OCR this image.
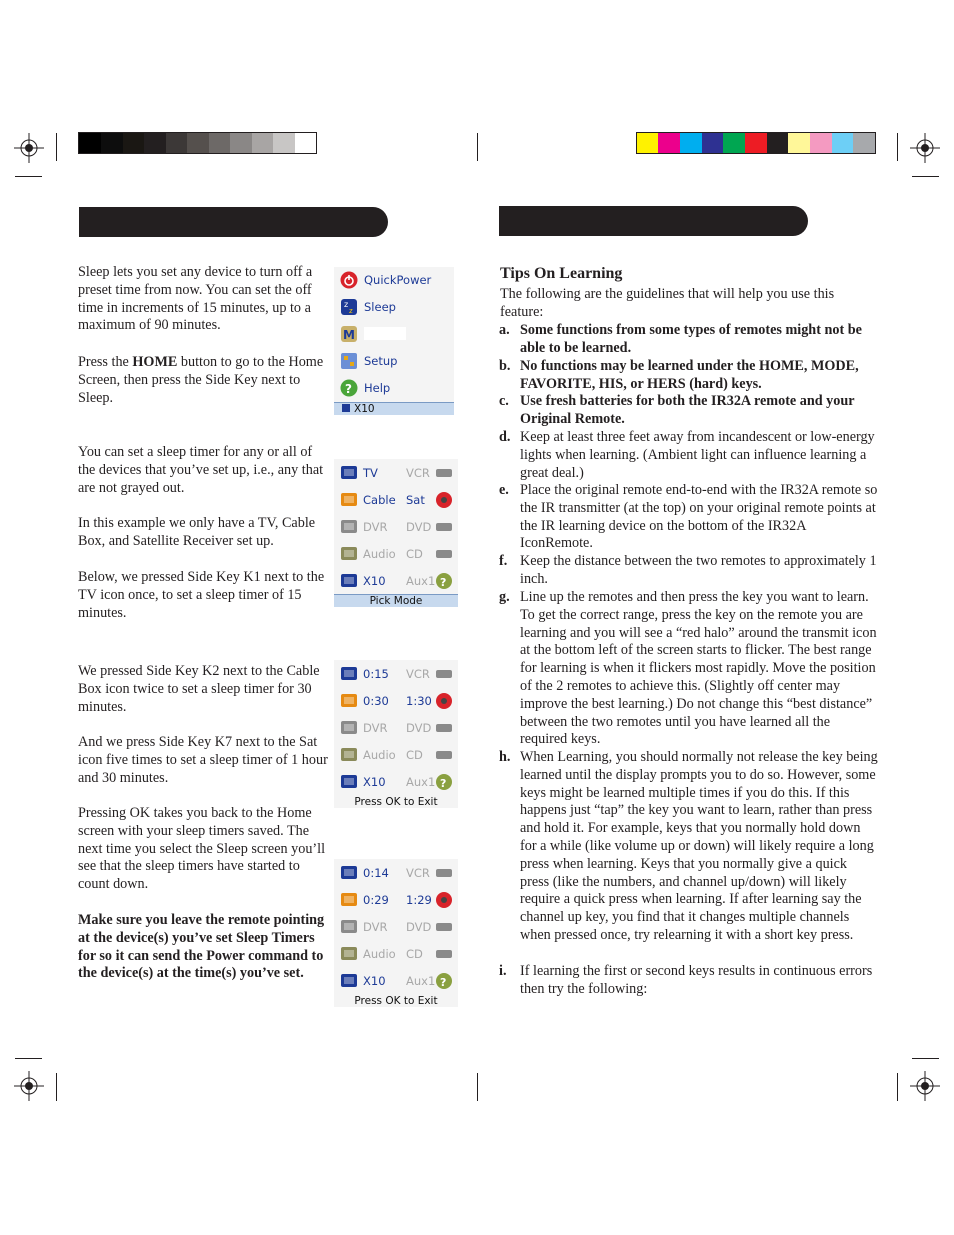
Sleep lets you set any device to turn off a preset time from now. You can set the off time in increments of 15 minutes, up to a maximum of 90 minutes.
Press the HOME button to go to the Home Screen, then press the Side Key next to Sleep.
You can set a sleep timer for any or all of the devices that you’ve set up, i.e., any that are not grayed out.
In this example we only have a TV, Cable Box, and Satellite Receiver set up.
Below, we pressed Side Key K1 next to the TV icon once, to set a sleep timer of 15 minutes.
We pressed Side Key K2 next to the Cable Box icon twice to set a sleep timer for 30 minutes.
And we press Side Key K7 next to the Sat icon five times to set a sleep timer of 1 hour and 30 minutes.
Pressing OK takes you back to the Home screen with your sleep timers saved. The next time you select the Sleep screen you’ll see that the sleep timers have started to count down.
Make sure you leave the remote pointing at the device(s) you’ve set Sleep Timers for so it can send the Power command to the device(s) at the time(s) you’ve set.
QuickPower
z
z Sleep
M
Setup
? Help
X10
TV VCR
Cable Sat
DVR DVD
Audio CD
X10 Aux1 ?
Pick Mode
0:15 VCR
0:30 1:30
DVR DVD
Audio CD
X10 Aux1 ?
Press OK to Exit
0:14 VCR
0:29 1:29
DVR DVD
Audio CD
X10 Aux1 ?
Press OK to Exit
Tips On Learning
The following are the guidelines that will help you use this feature:
a. Some functions from some types of remotes might not be able to be learned.
b. No functions may be learned under the HOME, MODE, FAVORITE, HIS, or HERS (hard) keys.
c. Use fresh batteries for both the IR32A remote and your Original Remote.
d. Keep at least three feet away from incandescent or low-energy lights when learning. (Ambient light can influence learning a great deal.)
e. Place the original remote end-to-end with the IR32A remote so the IR transmitter (at the top) on your original remote points at the IR learning device on the bottom of the IR32A IconRemote.
f. Keep the distance between the two remotes to approximately 1 inch.
g. Line up the remotes and then press the key you want to learn. To get the correct range, press the key on the remote you are learning and you will see a “red halo” around the transmit icon at the bottom left of the screen starts to flicker. The best range for learning is when it flickers most rapidly. Move the position of the 2 remotes to achieve this. (Slightly off center may improve the best learning.) Do not change this “best distance” between the two remotes until you have learned all the required keys.
h. When Learning, you should normally not release the key being learned until the display prompts you to do so. However, some keys might be learned multiple times if you do this. If this happens just “tap” the key you want to learn, rather than press and hold it. For example, keys that you normally hold down for a while (like volume up or down) will likely require a long press when learning. Keys that you normally give a quick press (like the numbers, and channel up/down) will likely require a quick press when learning. If after learning say the channel up key, you find that it changes multiple channels when pressed once, try relearning it with a short key press.
i. If learning the first or second keys results in continuous errors then try the following:
